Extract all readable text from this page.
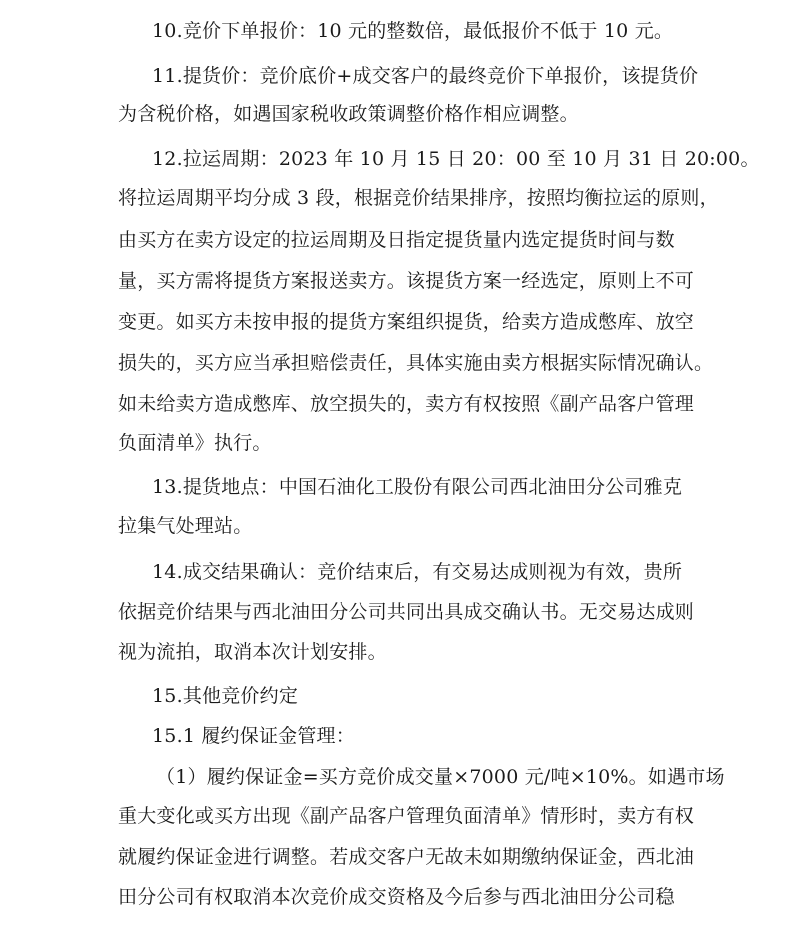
10.竞价下单报价：10 元的整数倍，最低报价不低于 10 元。
11.提货价：竞价底价+成交客户的最终竞价下单报价，该提货价
为含税价格，如遇国家税收政策调整价格作相应调整。
12.拉运周期：2023 年 10 月 15 日 20：00 至 10 月 31 日 20:00。
将拉运周期平均分成 3 段，根据竞价结果排序，按照均衡拉运的原则，
由买方在卖方设定的拉运周期及日指定提货量内选定提货时间与数
量，买方需将提货方案报送卖方。该提货方案一经选定，原则上不可
变更。如买方未按申报的提货方案组织提货，给卖方造成憋库、放空
损失的，买方应当承担赔偿责任，具体实施由卖方根据实际情况确认。
如未给卖方造成憋库、放空损失的，卖方有权按照《副产品客户管理
负面清单》执行。
13.提货地点：中国石油化工股份有限公司西北油田分公司雅克
拉集气处理站。
14.成交结果确认：竞价结束后，有交易达成则视为有效，贵所
依据竞价结果与西北油田分公司共同出具成交确认书。无交易达成则
视为流拍，取消本次计划安排。
15.其他竞价约定
15.1 履约保证金管理：
（1）履约保证金=买方竞价成交量×7000 元/吨×10%。如遇市场
重大变化或买方出现《副产品客户管理负面清单》情形时，卖方有权
就履约保证金进行调整。若成交客户无故未如期缴纳保证金，西北油
田分公司有权取消本次竞价成交资格及今后参与西北油田分公司稳
